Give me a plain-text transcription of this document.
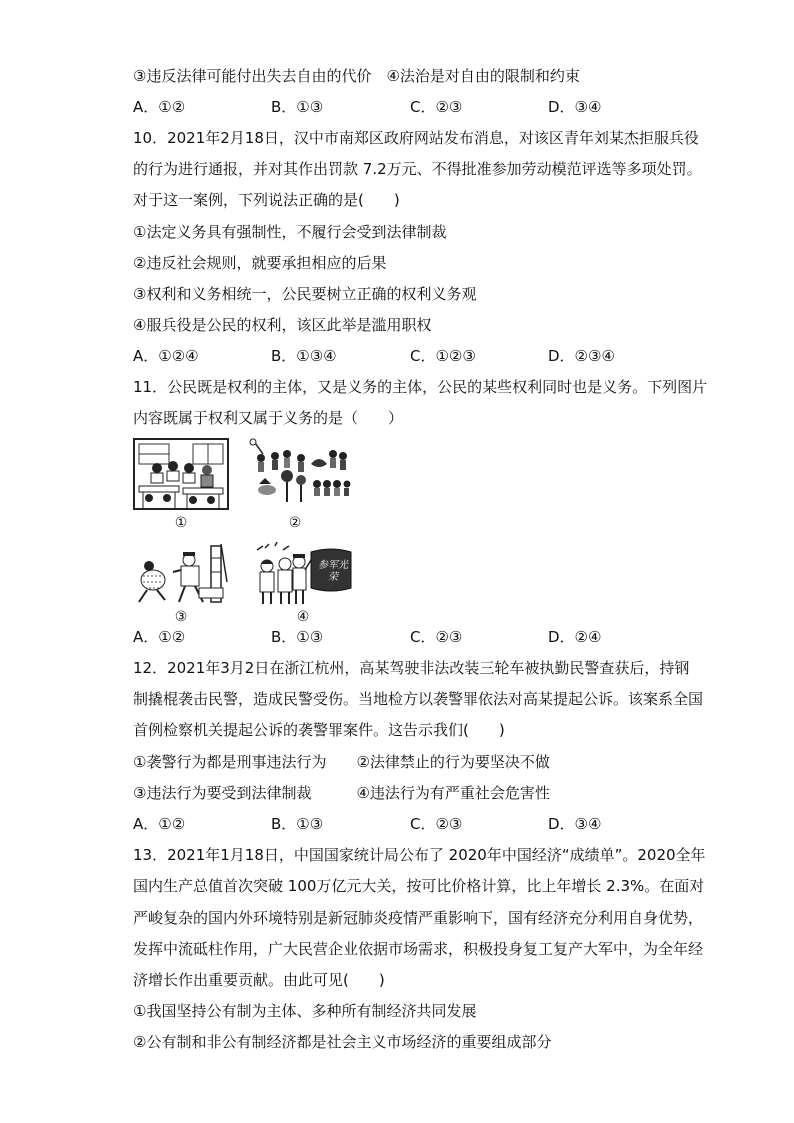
③违反法律可能付出失去自由的代价　④法治是对自由的限制和约束
A．①②	B．①③	C．②③	D．③④
10．2021年2月18日，汉中市南郑区政府网站发布消息，对该区青年刘某杰拒服兵役
的行为进行通报，并对其作出罚款 7.2万元、不得批准参加劳动模范评选等多项处罚。
对于这一案例，下列说法正确的是(　　)
①法定义务具有强制性，不履行会受到法律制裁
②违反社会规则，就要承担相应的后果
③权利和义务相统一，公民要树立正确的权利义务观
④服兵役是公民的权利，该区此举是滥用职权
A．①②④	B．①③④	C．①②③	D．②③④
11．公民既是权利的主体，又是义务的主体，公民的某些权利同时也是义务。下列图片
内容既属于权利又属于义务的是（　　）
①	②
③
参军光荣
④
A．①②	B．①③	C．②③	D．②④
12．2021年3月2日在浙江杭州，高某驾驶非法改装三轮车被执勤民警查获后，持钢
制撬棍袭击民警，造成民警受伤。当地检方以袭警罪依法对高某提起公诉。该案系全国
首例检察机关提起公诉的袭警罪案件。这告示我们(　　)
①袭警行为都是刑事违法行为　　②法律禁止的行为要坚决不做
③违法行为要受到法律制裁　　　④违法行为有严重社会危害性
A．①②	B．①③	C．②③	D．③④
13．2021年1月18日，中国国家统计局公布了 2020年中国经济“成绩单”。2020全年
国内生产总值首次突破 100万亿元大关，按可比价格计算，比上年增长 2.3%。在面对
严峻复杂的国内外环境特别是新冠肺炎疫情严重影响下，国有经济充分利用自身优势，
发挥中流砥柱作用，广大民营企业依据市场需求，积极投身复工复产大军中，为全年经
济增长作出重要贡献。由此可见(　　)
①我国坚持公有制为主体、多种所有制经济共同发展
②公有制和非公有制经济都是社会主义市场经济的重要组成部分
